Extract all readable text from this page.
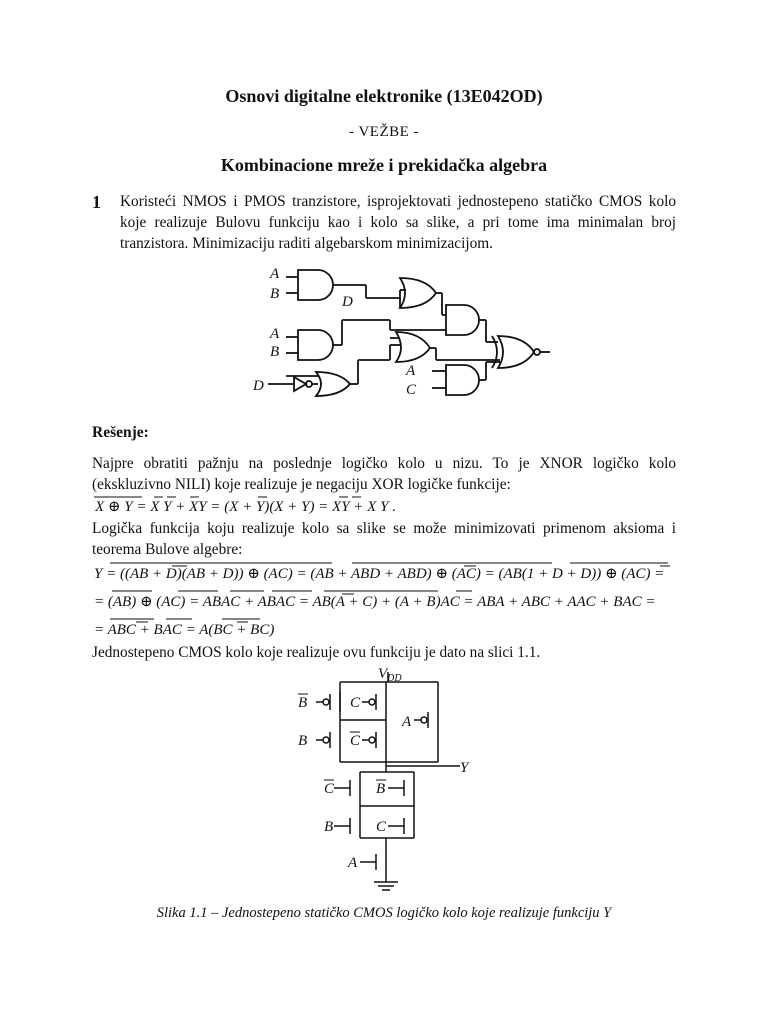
Osnovi digitalne elektronike (13E042OD)
- VEŽBE -
Kombinacione mreže i prekidačka algebra
1 Koristeći NMOS i PMOS tranzistore, isprojektovati jednostepeno statičko CMOS kolo koje realizuje Bulovu funkciju kao i kolo sa slike, a pri tome ima minimalan broj tranzistora. Minimizaciju raditi algebarskom minimizacijom.
A
B	D
A
B
D
A
C
Rešenje:
Najpre obratiti pažnju na poslednje logičko kolo u nizu. To je XNOR logičko kolo (ekskluzivno NILI) koje realizuje je negaciju XOR logičke funkcije:
X ⊕ Y = X Y + XY = (X + Y)(X + Y) = XY + X Y .
Logička funkcija koju realizuje kolo sa slike se može minimizovati primenom aksioma i teorema Bulove algebre:
Y = ((AB + D)(AB + D)) ⊕ (AC) = (AB + ABD + ABD) ⊕ (AC) = (AB(1 + D + D)) ⊕ (AC) =
= (AB) ⊕ (AC) = ABAC + ABAC = AB(A + C) + (A + B)AC = ABA + ABC + AAC + BAC =
= ABC + BAC = A(BC + BC)
Jednostepeno CMOS kolo koje realizuje ovu funkciju je dato na slici 1.1.
$V_{DD}$
Y
B	C
A
B	C
C	B
B	C
A
Slika 1.1 – Jednostepeno statičko CMOS logičko kolo koje realizuje funkciju Y
